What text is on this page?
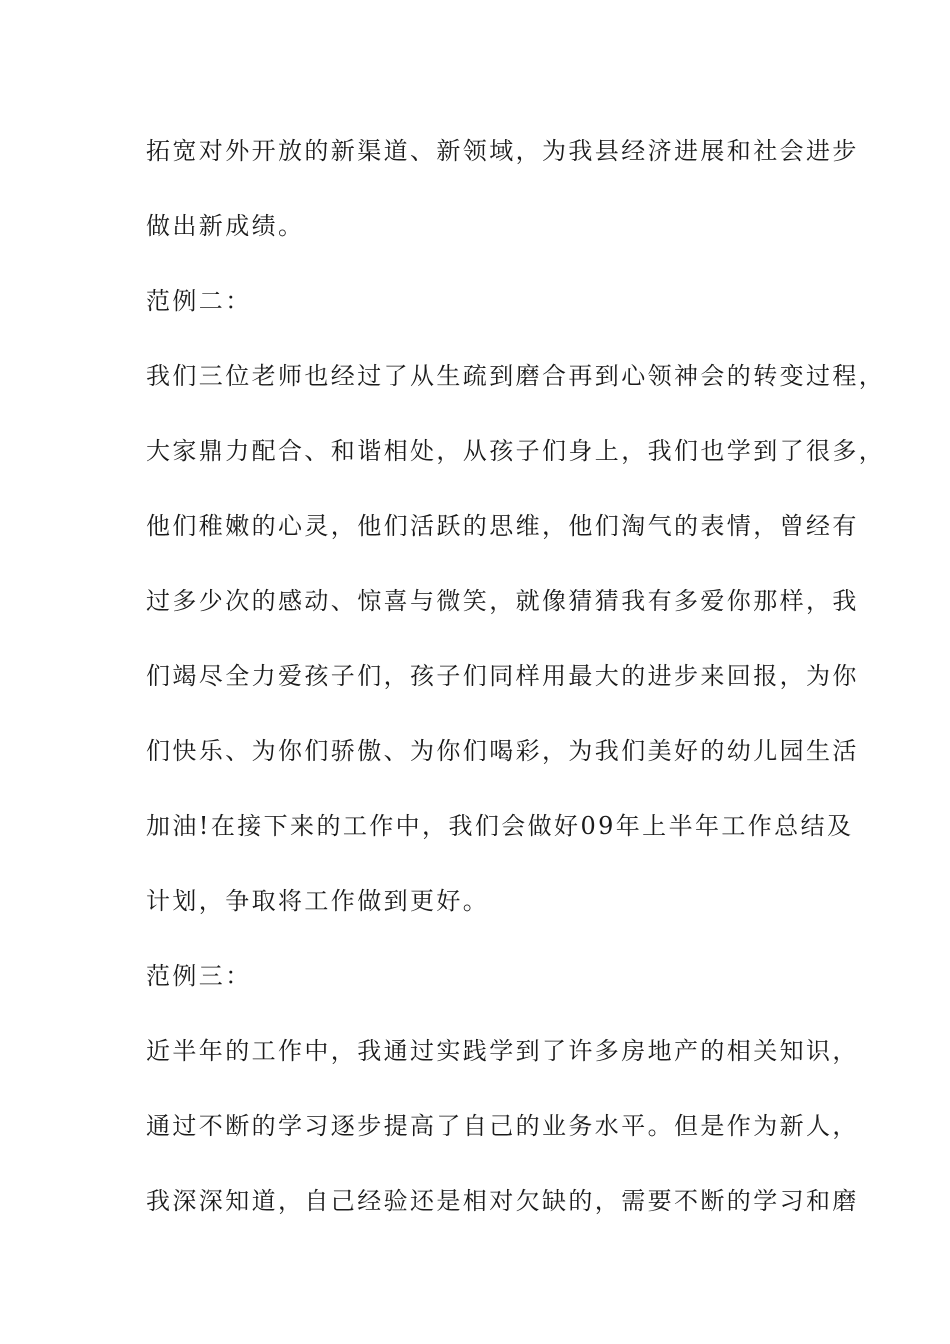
拓宽对外开放的新渠道、新领域，为我县经济进展和社会进步
做出新成绩。
范例二：
我们三位老师也经过了从生疏到磨合再到心领神会的转变过程，
大家鼎力配合、和谐相处，从孩子们身上，我们也学到了很多，
他们稚嫩的心灵，他们活跃的思维，他们淘气的表情，曾经有
过多少次的感动、惊喜与微笑，就像猜猜我有多爱你那样，我
们竭尽全力爱孩子们，孩子们同样用最大的进步来回报，为你
们快乐、为你们骄傲、为你们喝彩，为我们美好的幼儿园生活
加油!在接下来的工作中，我们会做好09年上半年工作总结及
计划，争取将工作做到更好。
范例三：
近半年的工作中，我通过实践学到了许多房地产的相关知识，
通过不断的学习逐步提高了自己的业务水平。但是作为新人，
我深深知道，自己经验还是相对欠缺的，需要不断的学习和磨
